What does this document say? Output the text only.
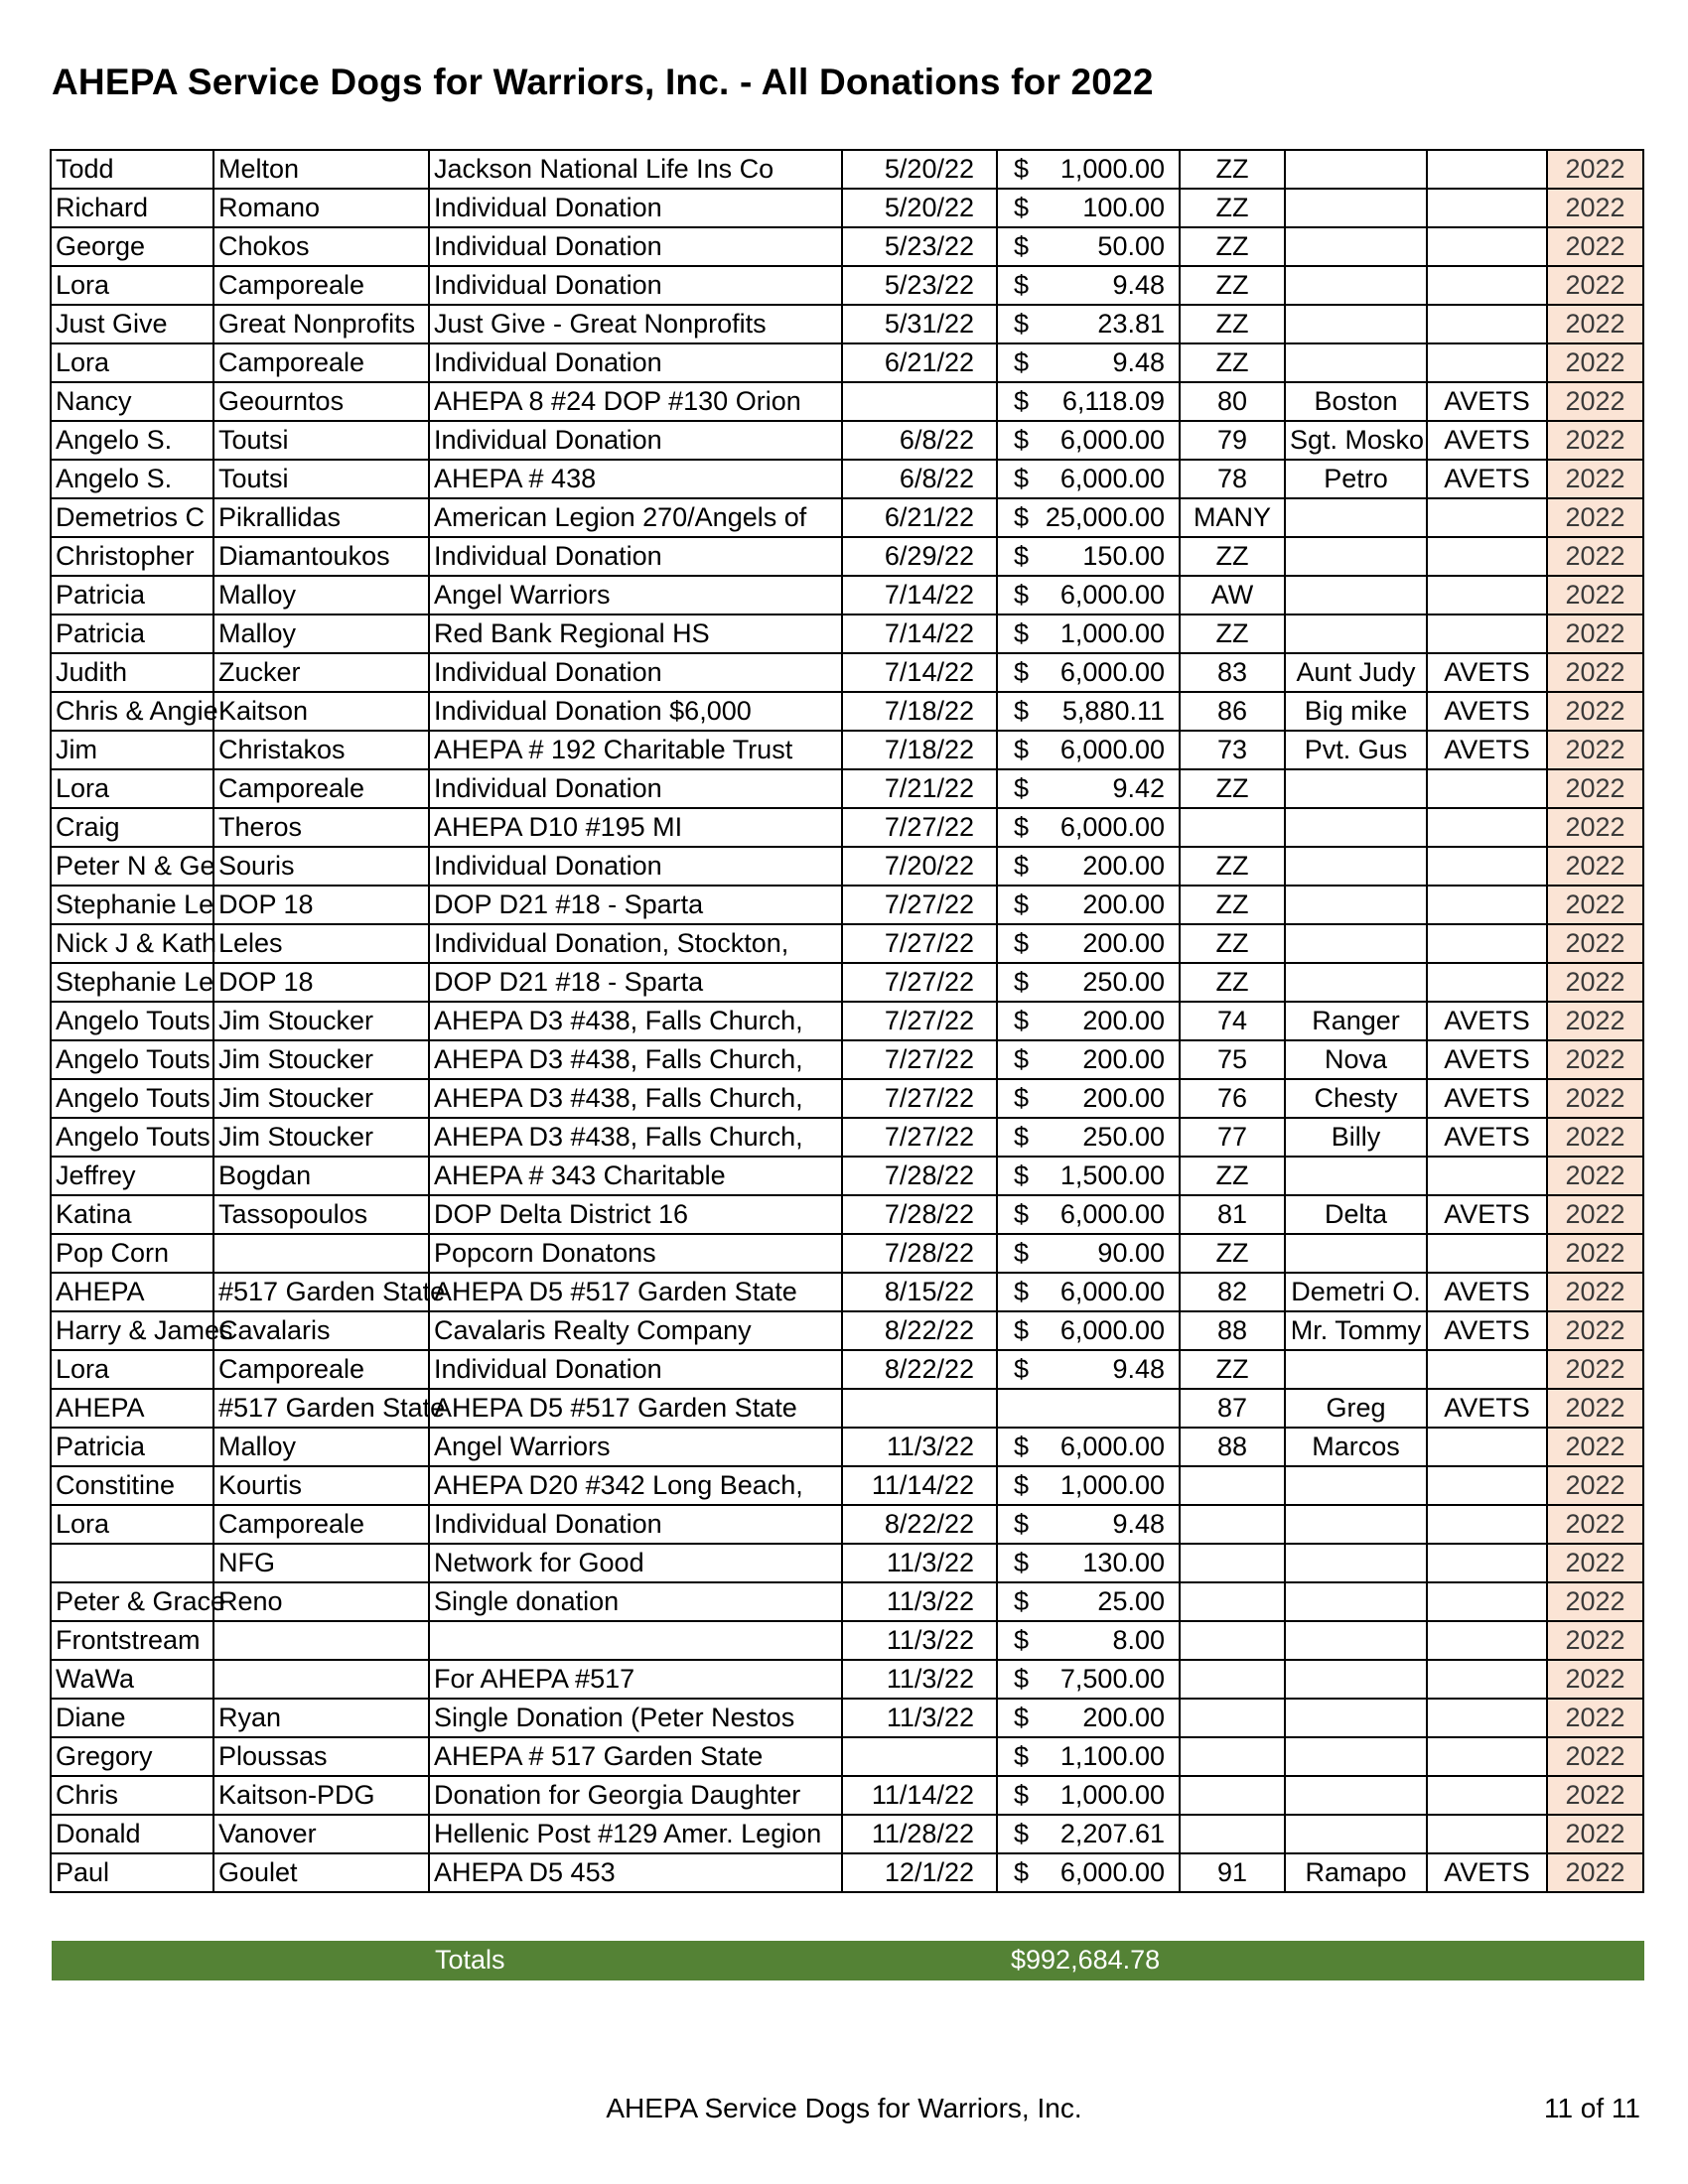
AHEPA Service Dogs for Warriors, Inc. - All Donations for 2022
Todd	Melton	Jackson National Life Ins Co	5/20/22	$ 1,000.00	ZZ			2022
Richard	Romano	Individual Donation	5/20/22	$ 100.00	ZZ			2022
George	Chokos	Individual Donation	5/23/22	$ 50.00	ZZ			2022
Lora	Camporeale	Individual Donation	5/23/22	$ 9.48	ZZ			2022
Just Give	Great Nonprofits	Just Give - Great Nonprofits	5/31/22	$ 23.81	ZZ			2022
Lora	Camporeale	Individual Donation	6/21/22	$ 9.48	ZZ			2022
Nancy	Geourntos	AHEPA 8 #24 DOP #130 Orion		$ 6,118.09	80	Boston	AVETS	2022
Angelo S.	Toutsi	Individual Donation	6/8/22	$ 6,000.00	79	Sgt. Mosko	AVETS	2022
Angelo S.	Toutsi	AHEPA # 438	6/8/22	$ 6,000.00	78	Petro	AVETS	2022
Demetrios C	Pikrallidas	American Legion 270/Angels of	6/21/22	$ 25,000.00	MANY			2022
Christopher	Diamantoukos	Individual Donation	6/29/22	$ 150.00	ZZ			2022
Patricia	Malloy	Angel Warriors	7/14/22	$ 6,000.00	AW			2022
Patricia	Malloy	Red Bank Regional HS	7/14/22	$ 1,000.00	ZZ			2022
Judith	Zucker	Individual Donation	7/14/22	$ 6,000.00	83	Aunt Judy	AVETS	2022
Chris & Angie	Kaitson	Individual Donation $6,000	7/18/22	$ 5,880.11	86	Big mike	AVETS	2022
Jim	Christakos	AHEPA # 192 Charitable Trust	7/18/22	$ 6,000.00	73	Pvt. Gus	AVETS	2022
Lora	Camporeale	Individual Donation	7/21/22	$ 9.42	ZZ			2022
Craig	Theros	AHEPA D10 #195 MI	7/27/22	$ 6,000.00				2022
Peter N & Ge	Souris	Individual Donation	7/20/22	$ 200.00	ZZ			2022
Stephanie Le	DOP 18	DOP D21 #18 - Sparta	7/27/22	$ 200.00	ZZ			2022
Nick J & Kath	Leles	Individual Donation, Stockton,	7/27/22	$ 200.00	ZZ			2022
Stephanie Le	DOP 18	DOP D21 #18 - Sparta	7/27/22	$ 250.00	ZZ			2022
Angelo Touts	Jim Stoucker	AHEPA D3 #438, Falls Church,	7/27/22	$ 200.00	74	Ranger	AVETS	2022
Angelo Touts	Jim Stoucker	AHEPA D3 #438, Falls Church,	7/27/22	$ 200.00	75	Nova	AVETS	2022
Angelo Touts	Jim Stoucker	AHEPA D3 #438, Falls Church,	7/27/22	$ 200.00	76	Chesty	AVETS	2022
Angelo Touts	Jim Stoucker	AHEPA D3 #438, Falls Church,	7/27/22	$ 250.00	77	Billy	AVETS	2022
Jeffrey	Bogdan	AHEPA # 343 Charitable	7/28/22	$ 1,500.00	ZZ			2022
Katina	Tassopoulos	DOP Delta District 16	7/28/22	$ 6,000.00	81	Delta	AVETS	2022
Pop Corn		Popcorn Donatons	7/28/22	$ 90.00	ZZ			2022
AHEPA	#517 Garden State	AHEPA D5 #517 Garden State	8/15/22	$ 6,000.00	82	Demetri O.	AVETS	2022
Harry & James	Cavalaris	Cavalaris Realty Company	8/22/22	$ 6,000.00	88	Mr. Tommy	AVETS	2022
Lora	Camporeale	Individual Donation	8/22/22	$ 9.48	ZZ			2022
AHEPA	#517 Garden State	AHEPA D5 #517 Garden State			87	Greg	AVETS	2022
Patricia	Malloy	Angel Warriors	11/3/22	$ 6,000.00	88	Marcos		2022
Constitine	Kourtis	AHEPA D20 #342 Long Beach,	11/14/22	$ 1,000.00				2022
Lora	Camporeale	Individual Donation	8/22/22	$ 9.48				2022
	NFG	Network for Good	11/3/22	$ 130.00				2022
Peter & Grace	Reno	Single donation	11/3/22	$ 25.00				2022
Frontstream			11/3/22	$ 8.00				2022
WaWa		For AHEPA #517	11/3/22	$ 7,500.00				2022
Diane	Ryan	Single Donation (Peter Nestos	11/3/22	$ 200.00				2022
Gregory	Ploussas	AHEPA # 517 Garden State		$ 1,100.00				2022
Chris	Kaitson-PDG	Donation for Georgia Daughter	11/14/22	$ 1,000.00				2022
Donald	Vanover	Hellenic Post #129 Amer. Legion	11/28/22	$ 2,207.61				2022
Paul	Goulet	AHEPA D5 453	12/1/22	$ 6,000.00	91	Ramapo	AVETS	2022
Totals	$992,684.78
AHEPA Service Dogs for Warriors, Inc.	11 of 11
